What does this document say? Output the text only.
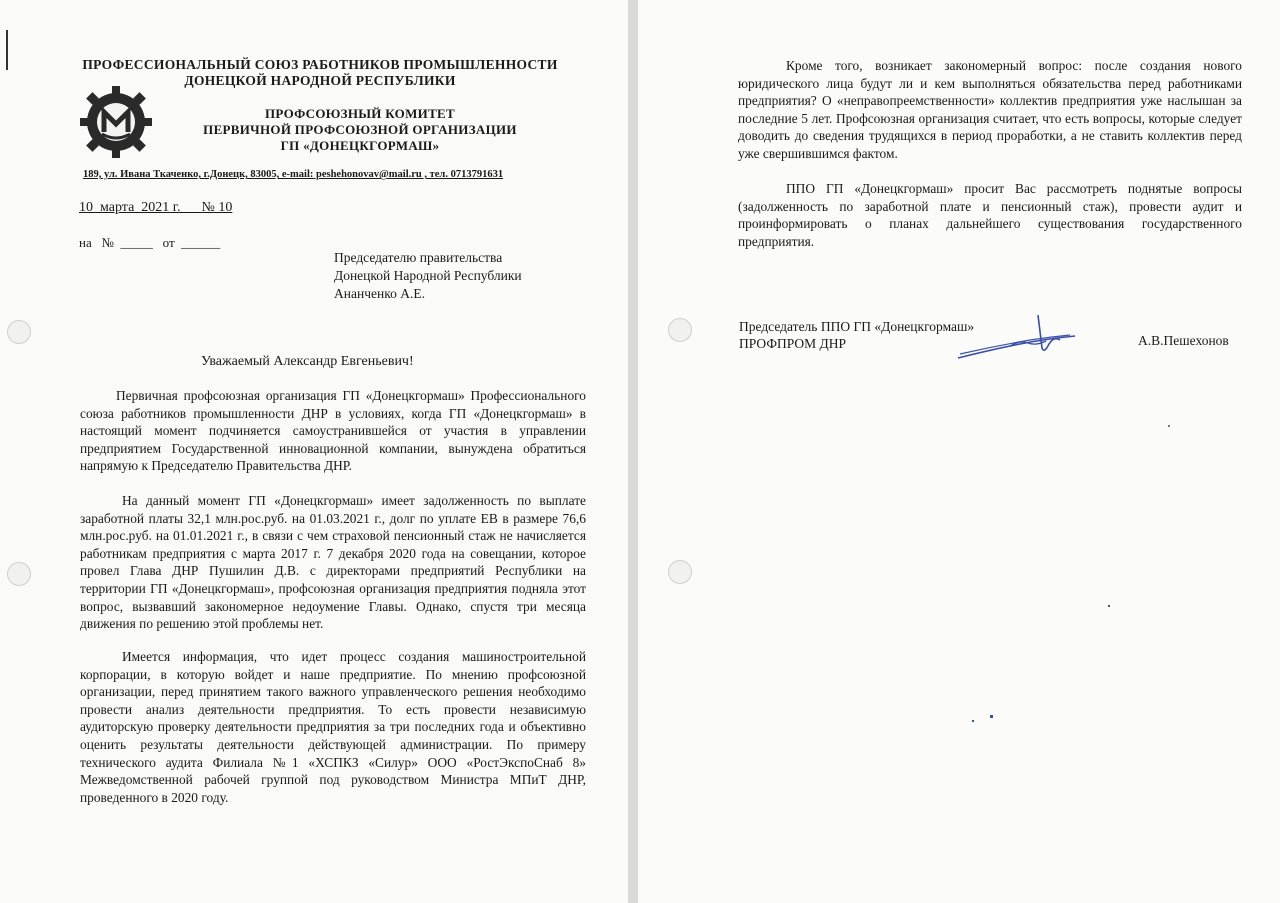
ПРОФЕССИОНАЛЬНЫЙ СОЮЗ РАБОТНИКОВ ПРОМЫШЛЕННОСТИ
ДОНЕЦКОЙ НАРОДНОЙ РЕСПУБЛИКИ
ПРОФСОЮЗНЫЙ КОМИТЕТ
ПЕРВИЧНОЙ ПРОФСОЮЗНОЙ ОРГАНИЗАЦИИ
ГП «ДОНЕЦКГОРМАШ»
189, ул. Ивана Ткаченко, г.Донецк, 83005, e-mail: peshehonovav@mail.ru , тел. 0713791631
10  марта  2021 г.      № 10
на   №  _____   от  ______
Председателю правительства
Донецкой Народной Республики
Ананченко А.Е.
Уважаемый Александр Евгеньевич!
Первичная профсоюзная организация ГП «Донецкгормаш» Профессионального союза работников промышленности ДНР в условиях, когда ГП «Донецкгормаш» в настоящий момент подчиняется самоустранившейся от участия в управлении предприятием Государственной инновационной компании, вынуждена обратиться напрямую к Председателю Правительства ДНР.
На данный момент ГП «Донецкгормаш» имеет задолженность по выплате заработной платы 32,1 млн.рос.руб. на 01.03.2021 г., долг по уплате ЕВ в размере 76,6 млн.рос.руб. на 01.01.2021 г., в связи с чем страховой пенсионный стаж не начисляется работникам предприятия с марта 2017 г. 7 декабря 2020 года на совещании, которое провел Глава ДНР Пушилин Д.В. с директорами предприятий Республики на территории ГП «Донецкгормаш», профсоюзная организация предприятия подняла этот вопрос, вызвавший закономерное недоумение Главы. Однако, спустя три месяца движения по решению этой проблемы нет.
Имеется информация, что идет процесс создания машиностроительной корпорации, в которую войдет и наше предприятие. По мнению профсоюзной организации, перед принятием такого важного управленческого решения необходимо провести анализ деятельности предприятия. То есть провести независимую аудиторскую проверку деятельности предприятия за три последних года и объективно оценить результаты деятельности действующей администрации. По примеру технического аудита Филиала №1 «ХСПКЗ «Силур» ООО «РостЭкспоСнаб 8» Межведомственной рабочей группой под руководством Министра МПиТ ДНР, проведенного в 2020 году.
Кроме того, возникает закономерный вопрос: после создания нового юридического лица будут ли и кем выполняться обязательства перед работниками предприятия? О «неправопреемственности» коллектив предприятия уже наслышан за последние 5 лет. Профсоюзная организация считает, что есть вопросы, которые следует доводить до сведения трудящихся в период проработки, а не ставить коллектив перед уже свершившимся фактом.
ППО ГП «Донецкгормаш» просит Вас рассмотреть поднятые вопросы (задолженность по заработной плате и пенсионный стаж), провести аудит и проинформировать о планах дальнейшего существования государственного предприятия.
Председатель ППО ГП «Донецкгормаш»
ПРОФПРОМ ДНР	А.В.Пешехонов
